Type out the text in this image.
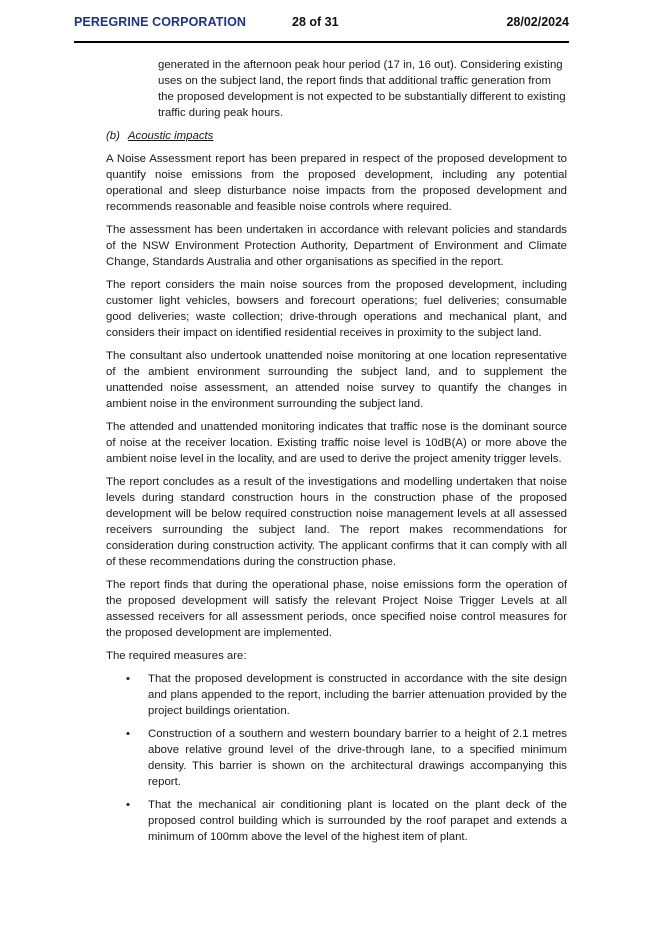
PEREGRINE CORPORATION	28 of 31	28/02/2024

generated in the afternoon peak hour period (17 in, 16 out). Considering existing uses on the subject land, the report finds that additional traffic generation from the proposed development is not expected to be substantially different to existing traffic during peak hours.

(b) Acoustic impacts

A Noise Assessment report has been prepared in respect of the proposed development to quantify noise emissions from the proposed development, including any potential operational and sleep disturbance noise impacts from the proposed development and recommends reasonable and feasible noise controls where required.

The assessment has been undertaken in accordance with relevant policies and standards of the NSW Environment Protection Authority, Department of Environment and Climate Change, Standards Australia and other organisations as specified in the report.

The report considers the main noise sources from the proposed development, including customer light vehicles, bowsers and forecourt operations; fuel deliveries; consumable good deliveries; waste collection; drive-through operations and mechanical plant, and considers their impact on identified residential receives in proximity to the subject land.

The consultant also undertook unattended noise monitoring at one location representative of the ambient environment surrounding the subject land, and to supplement the unattended noise assessment, an attended noise survey to quantify the changes in ambient noise in the environment surrounding the subject land.

The attended and unattended monitoring indicates that traffic nose is the dominant source of noise at the receiver location. Existing traffic noise level is 10dB(A) or more above the ambient noise level in the locality, and are used to derive the project amenity trigger levels.

The report concludes as a result of the investigations and modelling undertaken that noise levels during standard construction hours in the construction phase of the proposed development will be below required construction noise management levels at all assessed receivers surrounding the subject land. The report makes recommendations for consideration during construction activity. The applicant confirms that it can comply with all of these recommendations during the construction phase.

The report finds that during the operational phase, noise emissions form the operation of the proposed development will satisfy the relevant Project Noise Trigger Levels at all assessed receivers for all assessment periods, once specified noise control measures for the proposed development are implemented.

The required measures are:

• That the proposed development is constructed in accordance with the site design and plans appended to the report, including the barrier attenuation provided by the project buildings orientation.
• Construction of a southern and western boundary barrier to a height of 2.1 metres above relative ground level of the drive-through lane, to a specified minimum density. This barrier is shown on the architectural drawings accompanying this report.
• That the mechanical air conditioning plant is located on the plant deck of the proposed control building which is surrounded by the roof parapet and extends a minimum of 100mm above the level of the highest item of plant.
